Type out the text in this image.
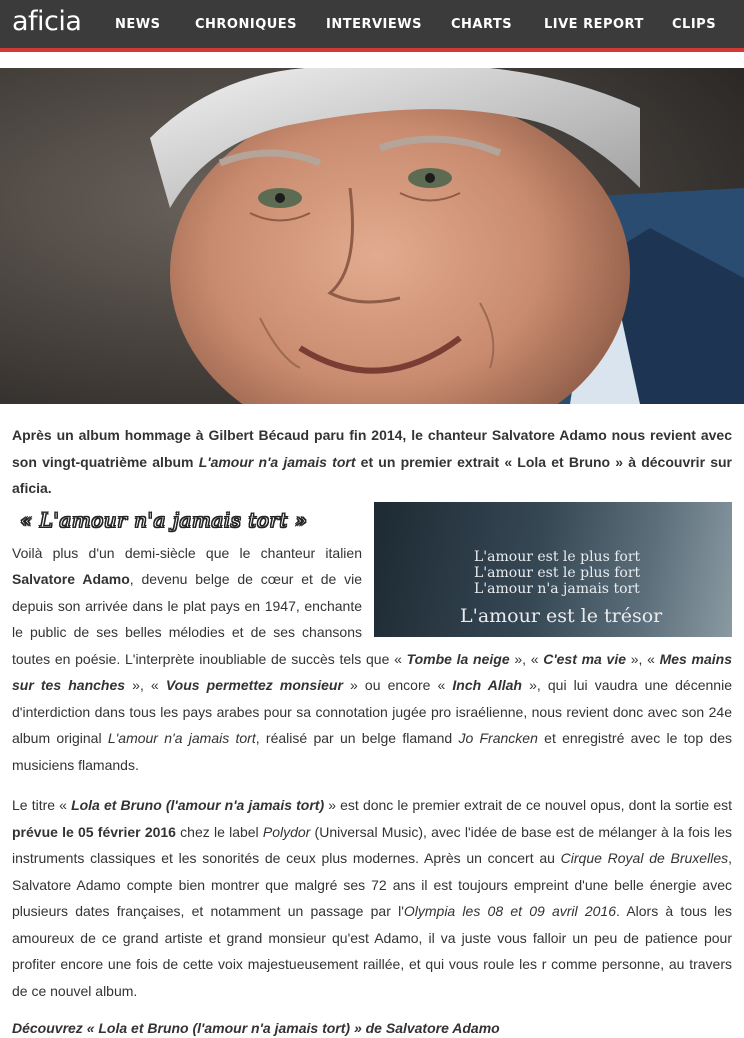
aficia	NEWS	CHRONIQUES INTERVIEWS CHARTS LIVE REPORT CLIPS

Après un album hommage à Gilbert Bécaud paru fin 2014, le chanteur Salvatore Adamo nous revient avec son vingt-quatrième album L'amour n'a jamais tort et un premier extrait « Lola et Bruno » à découvrir sur aficia.

L'amour est le plus fort
L'amour est le plus fort
L'amour n'a jamais tort
L'amour est le trésor
« L'amour n'a jamais tort »

Voilà plus d'un demi-siècle que le chanteur italien Salvatore Adamo, devenu belge de cœur et de vie depuis son arrivée dans le plat pays en 1947, enchante le public de ses belles mélodies et de ses chansons toutes en poésie. L'interprète inoubliable de succès tels que « Tombe la neige », « C'est ma vie », « Mes mains sur tes hanches », « Vous permettez monsieur » ou encore « Inch Allah », qui lui vaudra une décennie d'interdiction dans tous les pays arabes pour sa connotation jugée pro israélienne, nous revient donc avec son 24e album original L'amour n'a jamais tort, réalisé par un belge flamand Jo Francken et enregistré avec le top des musiciens flamands.

Le titre « Lola et Bruno (l'amour n'a jamais tort) » est donc le premier extrait de ce nouvel opus, dont la sortie est prévue le 05 février 2016 chez le label Polydor (Universal Music), avec l'idée de base est de mélanger à la fois les instruments classiques et les sonorités de ceux plus modernes. Après un concert au Cirque Royal de Bruxelles, Salvatore Adamo compte bien montrer que malgré ses 72 ans il est toujours empreint d'une belle énergie avec plusieurs dates françaises, et notamment un passage par l'Olympia les 08 et 09 avril 2016. Alors à tous les amoureux de ce grand artiste et grand monsieur qu'est Adamo, il va juste vous falloir un peu de patience pour profiter encore une fois de cette voix majestueusement raillée, et qui vous roule les r comme personne, au travers de ce nouvel album.

Découvrez « Lola et Bruno (l'amour n'a jamais tort) » de Salvatore Adamo
